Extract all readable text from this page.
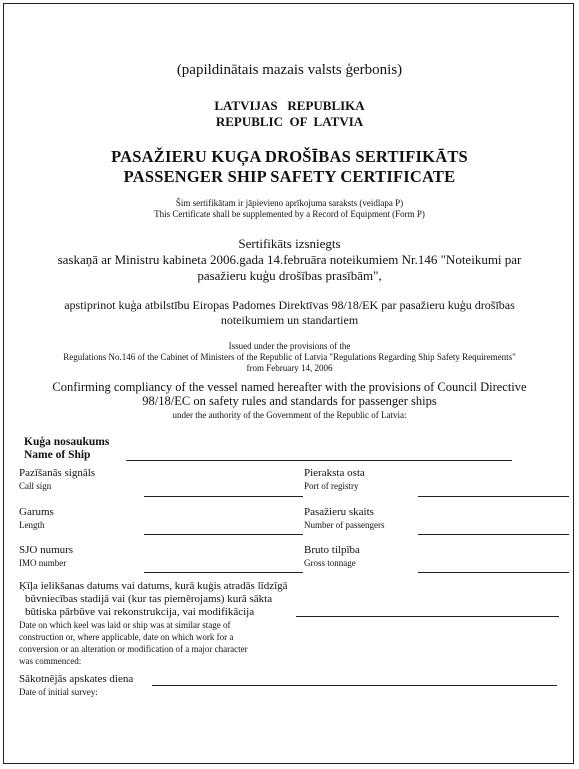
(papildinātais mazais valsts ģerbonis)
LATVIJAS   REPUBLIKA
REPUBLIC  OF  LATVIA
PASAŽIERU KUĢA DROŠĪBAS SERTIFIKĀTS
PASSENGER SHIP SAFETY CERTIFICATE
Šim sertifikātam ir jāpievieno aprīkojuma saraksts (veidlapa P)
This Certificate shall be supplemented by a Record of Equipment (Form P)
Sertifikāts izsniegts
saskaņā ar Ministru kabineta 2006.gada 14.februāra noteikumiem Nr.146 "Noteikumi par
pasažieru kuģu drošības prasībām",
apstiprinot kuģa atbilstību Eiropas Padomes Direktīvas 98/18/EK par pasažieru kuģu drošības
noteikumiem un standartiem
Issued under the provisions of the
Regulations No.146 of the Cabinet of Ministers of the Republic of Latvia "Regulations Regarding Ship Safety Requirements"
from February 14, 2006
Confirming compliancy of the vessel named hereafter with the provisions of Council Directive
98/18/EC on safety rules and standards for passenger ships
under the authority of the Government of the Republic of Latvia:
Kuģa nosaukums
Name of Ship
Pazīšanās signāls
Call sign
Pieraksta osta
Port of registry
Garums
Length
Pasažieru skaits
Number of passengers
SJO numurs
IMO number
Bruto tilpība
Gross tonnage
Ķīļa ielikšanas datums vai datums, kurā kuģis atradās līdzīgā
būvniecības stadijā vai (kur tas piemērojams) kurā sākta
būtiska pārbūve vai rekonstrukcija, vai modifikācija
Date on which keel was laid or ship was at similar stage of
construction or, where applicable, date on which work for a
conversion or an alteration or modification of a major character
was commenced:
Sākotnējās apskates diena
Date of initial survey:
